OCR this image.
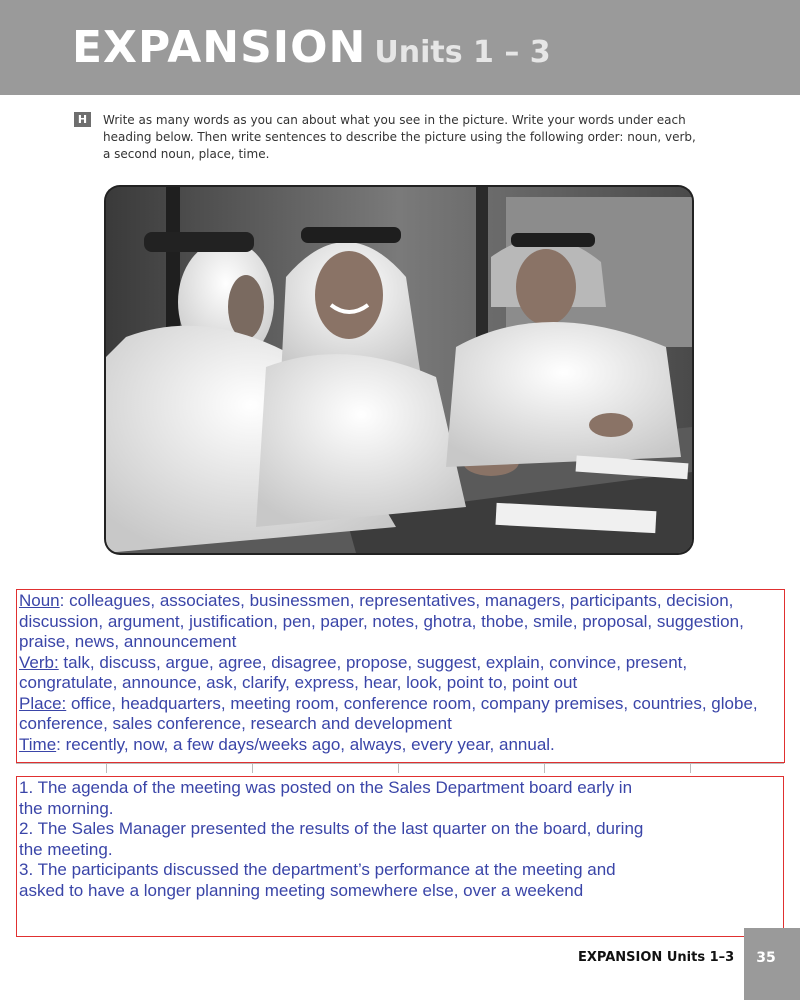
EXPANSION Units 1 – 3
H	Write as many words as you can about what you see in the picture. Write your words under each heading below. Then write sentences to describe the picture using the following order: noun, verb, a second noun, place, time.
Noun: colleagues, associates, businessmen, representatives, managers, participants, decision, discussion, argument, justification, pen, paper, notes, ghotra, thobe, smile, proposal, suggestion, praise, news, announcement
Verb: talk, discuss, argue, agree, disagree, propose, suggest, explain, convince, present, congratulate, announce, ask, clarify, express, hear, look, point to, point out
Place: office, headquarters, meeting room, conference room, company premises, countries, globe, conference, sales conference, research and development
Time: recently, now, a few days/weeks ago, always, every year, annual.
1. The agenda of the meeting was posted on the Sales Department board early in the morning.
2. The Sales Manager presented the results of the last quarter on the board, during the meeting.
3. The participants discussed the department’s performance at the meeting and asked to have a longer planning meeting somewhere else, over a weekend
EXPANSION Units 1–3	35
